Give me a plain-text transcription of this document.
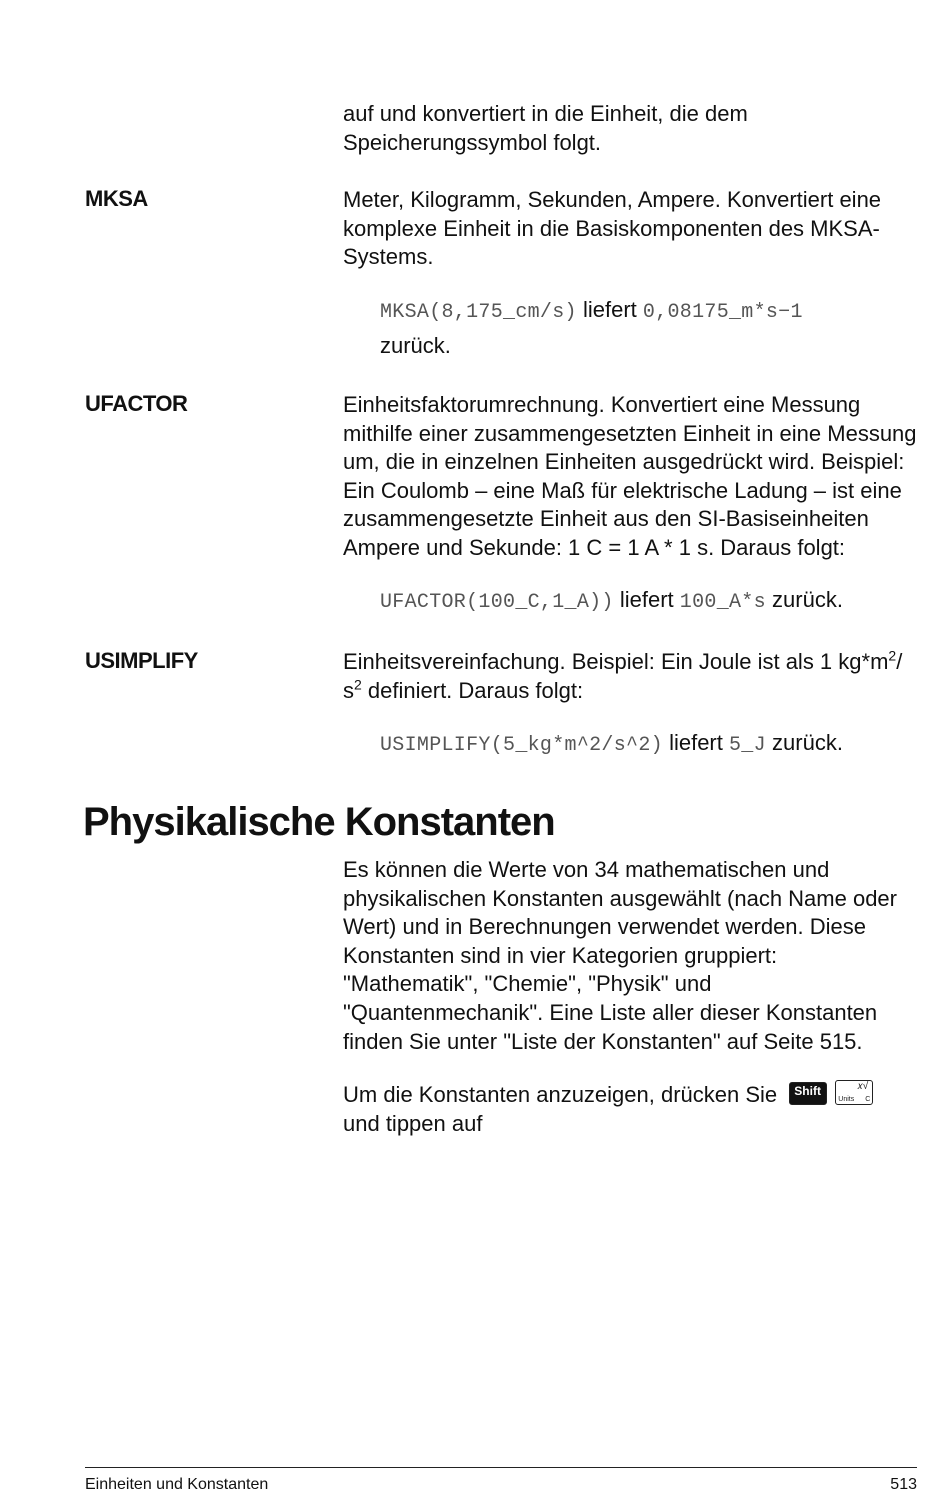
auf und konvertiert in die Einheit, die dem
Speicherungssymbol folgt.
MKSA	Meter, Kilogramm, Sekunden, Ampere. Konvertiert eine
komplexe Einheit in die Basiskomponenten des MKSA-
Systems.
MKSA(8,175_cm/s) liefert 0,08175_m*s−1
zurück.
UFACTOR	Einheitsfaktorumrechnung. Konvertiert eine Messung
mithilfe einer zusammengesetzten Einheit in eine Messung
um, die in einzelnen Einheiten ausgedrückt wird. Beispiel:
Ein Coulomb – eine Maß für elektrische Ladung – ist eine
zusammengesetzte Einheit aus den SI-Basiseinheiten
Ampere und Sekunde: 1 C = 1 A * 1 s. Daraus folgt:
UFACTOR(100_C,1_A)) liefert 100_A*s zurück.
USIMPLIFY	Einheitsvereinfachung. Beispiel: Ein Joule ist als 1 $kg*m^2/$
$s^2$ definiert. Daraus folgt:
USIMPLIFY(5_kg*m^2/s^2) liefert 5_J zurück.
Physikalische Konstanten
Es können die Werte von 34 mathematischen und
physikalischen Konstanten ausgewählt (nach Name oder
Wert) und in Berechnungen verwendet werden. Diese
Konstanten sind in vier Kategorien gruppiert:
"Mathematik", "Chemie", "Physik" und
"Quantenmechanik". Eine Liste aller dieser Konstanten
finden Sie unter "Liste der Konstanten" auf Seite 515.
Um die Konstanten anzuzeigen, drücken Sie Shift	𝑥√
Units C
und tippen auf
Einheiten und Konstanten	513
